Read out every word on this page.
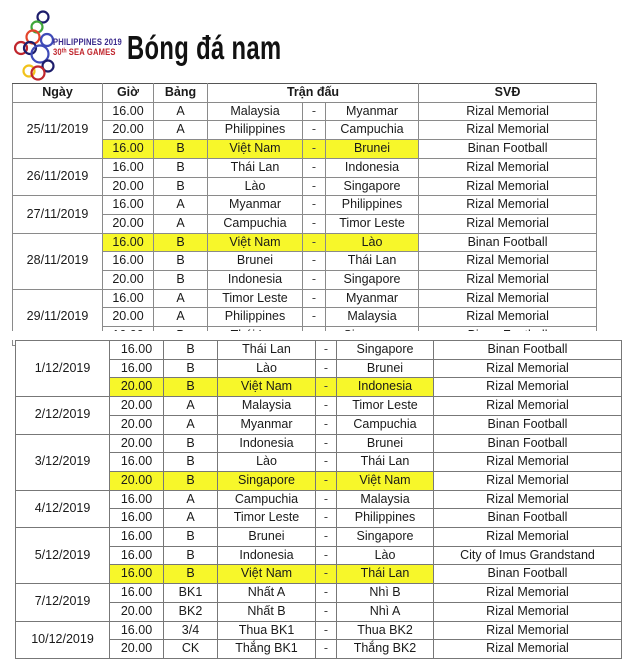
PHILIPPINES 2019
30ᵗʰ SEA GAMES Bóng đá nam
Ngày	Giờ	Bảng	Trận đấu			SVĐ
25/11/2019	16.00	A	Malaysia	-	Myanmar	Rizal Memorial
	20.00	A	Philippines	-	Campuchia	Rizal Memorial
	16.00	B	Việt Nam	-	Brunei	Binan Football
26/11/2019	16.00	B	Thái Lan	-	Indonesia	Rizal Memorial
	20.00	B	Lào	-	Singapore	Rizal Memorial
27/11/2019	16.00	A	Myanmar	-	Philippines	Rizal Memorial
	20.00	A	Campuchia	-	Timor Leste	Rizal Memorial
28/11/2019	16.00	B	Việt Nam	-	Lào	Binan Football
	16.00	B	Brunei	-	Thái Lan	Rizal Memorial
	20.00	B	Indonesia	-	Singapore	Rizal Memorial
29/11/2019	16.00	A	Timor Leste	-	Myanmar	Rizal Memorial
	20.00	A	Philippines	-	Malaysia	Rizal Memorial

1/12/2019	16.00	B	Thái Lan	-	Singapore	Binan Football
	16.00	B	Lào	-	Brunei	Rizal Memorial
	20.00	B	Việt Nam	-	Indonesia	Rizal Memorial
2/12/2019	20.00	A	Malaysia	-	Timor Leste	Rizal Memorial
	20.00	A	Myanmar	-	Campuchia	Binan Football
3/12/2019	20.00	B	Indonesia	-	Brunei	Binan Football
	16.00	B	Lào	-	Thái Lan	Rizal Memorial
	20.00	B	Singapore	-	Việt Nam	Rizal Memorial
4/12/2019	16.00	A	Campuchia	-	Malaysia	Rizal Memorial
	16.00	A	Timor Leste	-	Philippines	Binan Football
5/12/2019	16.00	B	Brunei	-	Singapore	Rizal Memorial
	16.00	B	Indonesia	-	Lào	City of Imus Grandstand
	16.00	B	Việt Nam	-	Thái Lan	Binan Football
7/12/2019	16.00	BK1	Nhất A	-	Nhì B	Rizal Memorial
	20.00	BK2	Nhất B	-	Nhì A	Rizal Memorial
10/12/2019	16.00	3/4	Thua BK1	-	Thua BK2	Rizal Memorial
	20.00	CK	Thắng BK1	-	Thắng BK2	Rizal Memorial
